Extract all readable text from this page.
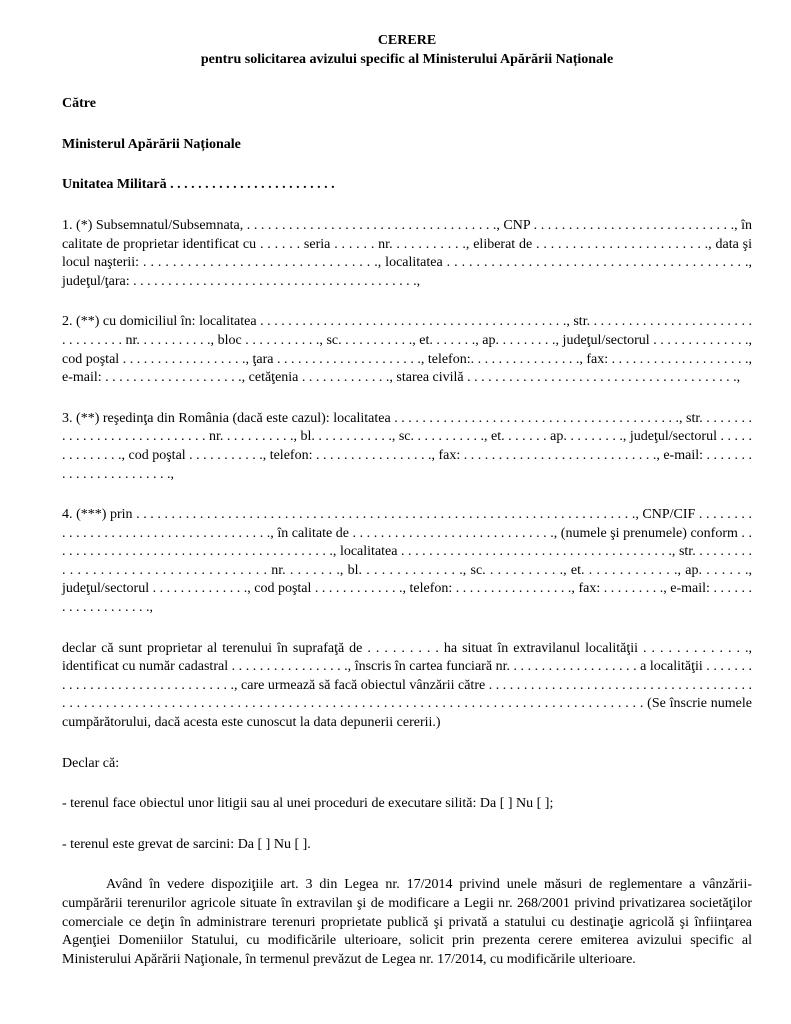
CERERE

pentru solicitarea avizului specific al Ministerului Apărării Naționale

Către

Ministerul Apărării Naționale

Unitatea Militară . . . . . . . . . . . . . . . . . . . . . . . .

1. (*) Subsemnatul/Subsemnata, . . . . . . . . . . . . . . . . . . . . . . . . . . . . . . . . . . . ., CNP . . . . . . . . . . . . . . . . . . . . . . . . . . . . ., în calitate de proprietar identificat cu . . . . . . seria . . . . . . nr. . . . . . . . . . ., eliberat de . . . . . . . . . . . . . . . . . . . . . . . ., data şi locul naşterii: . . . . . . . . . . . . . . . . . . . . . . . . . . . . . . . ., localitatea . . . . . . . . . . . . . . . . . . . . . . . . . . . . . . . . . . . . . . . . ., judeţul/ţara: . . . . . . . . . . . . . . . . . . . . . . . . . . . . . . . . . . . . . . . . .,

2. (**) cu domiciliul în: localitatea . . . . . . . . . . . . . . . . . . . . . . . . . . . . . . . . . . . . . . . . . . . ., str. . . . . . . . . . . . . . . . . . . . . . . . . . . . . . . . . nr. . . . . . . . . . ., bloc . . . . . . . . . . ., sc. . . . . . . . . . ., et. . . . . . ., ap. . . . . . . . ., judeţul/sectorul . . . . . . . . . . . . . ., cod poştal . . . . . . . . . . . . . . . . . ., ţara . . . . . . . . . . . . . . . . . . . . ., telefon:. . . . . . . . . . . . . . . ., fax: . . . . . . . . . . . . . . . . . . . ., e-mail: . . . . . . . . . . . . . . . . . . . ., cetăţenia . . . . . . . . . . . . ., starea civilă . . . . . . . . . . . . . . . . . . . . . . . . . . . . . . . . . . . . . . .,

3. (**) reşedinţa din România (dacă este cazul): localitatea . . . . . . . . . . . . . . . . . . . . . . . . . . . . . . . . . . . . . . . . ., str. . . . . . . . . . . . . . . . . . . . . . . . . . . . . nr. . . . . . . . . . ., bl. . . . . . . . . . . ., sc. . . . . . . . . . ., et. . . . . . . ap. . . . . . . . ., judeţul/sectorul . . . . . . . . . . . . . ., cod poştal . . . . . . . . . . ., telefon: . . . . . . . . . . . . . . . . ., fax: . . . . . . . . . . . . . . . . . . . . . . . . . . . ., e-mail: . . . . . . . . . . . . . . . . . . . . . . .,

4. (***) prin . . . . . . . . . . . . . . . . . . . . . . . . . . . . . . . . . . . . . . . . . . . . . . . . . . . . . . . . . . . . . . . . . . . . . . ., CNP/CIF . . . . . . . . . . . . . . . . . . . . . . . . . . . . . . . . . . . . . ., în calitate de . . . . . . . . . . . . . . . . . . . . . . . . . . . . ., (numele şi prenumele) conform . . . . . . . . . . . . . . . . . . . . . . . . . . . . . . . . . . . . . . . . ., localitatea . . . . . . . . . . . . . . . . . . . . . . . . . . . . . . . . . . . . . . ., str. . . . . . . . . . . . . . . . . . . . . . . . . . . . . . . . . . . . nr. . . . . . . ., bl. . . . . . . . . . . . . ., sc. . . . . . . . . . ., et. . . . . . . . . . . . ., ap. . . . . . ., judeţul/sectorul . . . . . . . . . . . . . ., cod poştal . . . . . . . . . . . . ., telefon: . . . . . . . . . . . . . . . . ., fax: . . . . . . . . ., e-mail: . . . . . . . . . . . . . . . . . . .,

declar că sunt proprietar al terenului în suprafaţă de . . . . . . . . . ha situat în extravilanul localităţii . . . . . . . . . . . . ., identificat cu număr cadastral . . . . . . . . . . . . . . . . ., înscris în cartea funciară nr. . . . . . . . . . . . . . . . . . . a localităţii . . . . . . . . . . . . . . . . . . . . . . . . . . . . . . . ., care urmează să facă obiectul vânzării către . . . . . . . . . . . . . . . . . . . . . . . . . . . . . . . . . . . . . . . . . . . . . . . . . . . . . . . . . . . . . . . . . . . . . . . . . . . . . . . . . . . . . . . . . . . . . . . . . . . . . . . . . . . . . . . . . . . . . . (Se înscrie numele cumpărătorului, dacă acesta este cunoscut la data depunerii cererii.)

Declar că:

- terenul face obiectul unor litigii sau al unei proceduri de executare silită: Da [ ] Nu [ ];

- terenul este grevat de sarcini: Da [ ] Nu [ ].

Având în vedere dispoziţiile art. 3 din Legea nr. 17/2014 privind unele măsuri de reglementare a vânzării-cumpărării terenurilor agricole situate în extravilan şi de modificare a Legii nr. 268/2001 privind privatizarea societăţilor comerciale ce deţin în administrare terenuri proprietate publică şi privată a statului cu destinaţie agricolă şi înfiinţarea Agenţiei Domeniilor Statului, cu modificările ulterioare, solicit prin prezenta cerere emiterea avizului specific al Ministerului Apărării Naţionale, în termenul prevăzut de Legea nr. 17/2014, cu modificările ulterioare.
